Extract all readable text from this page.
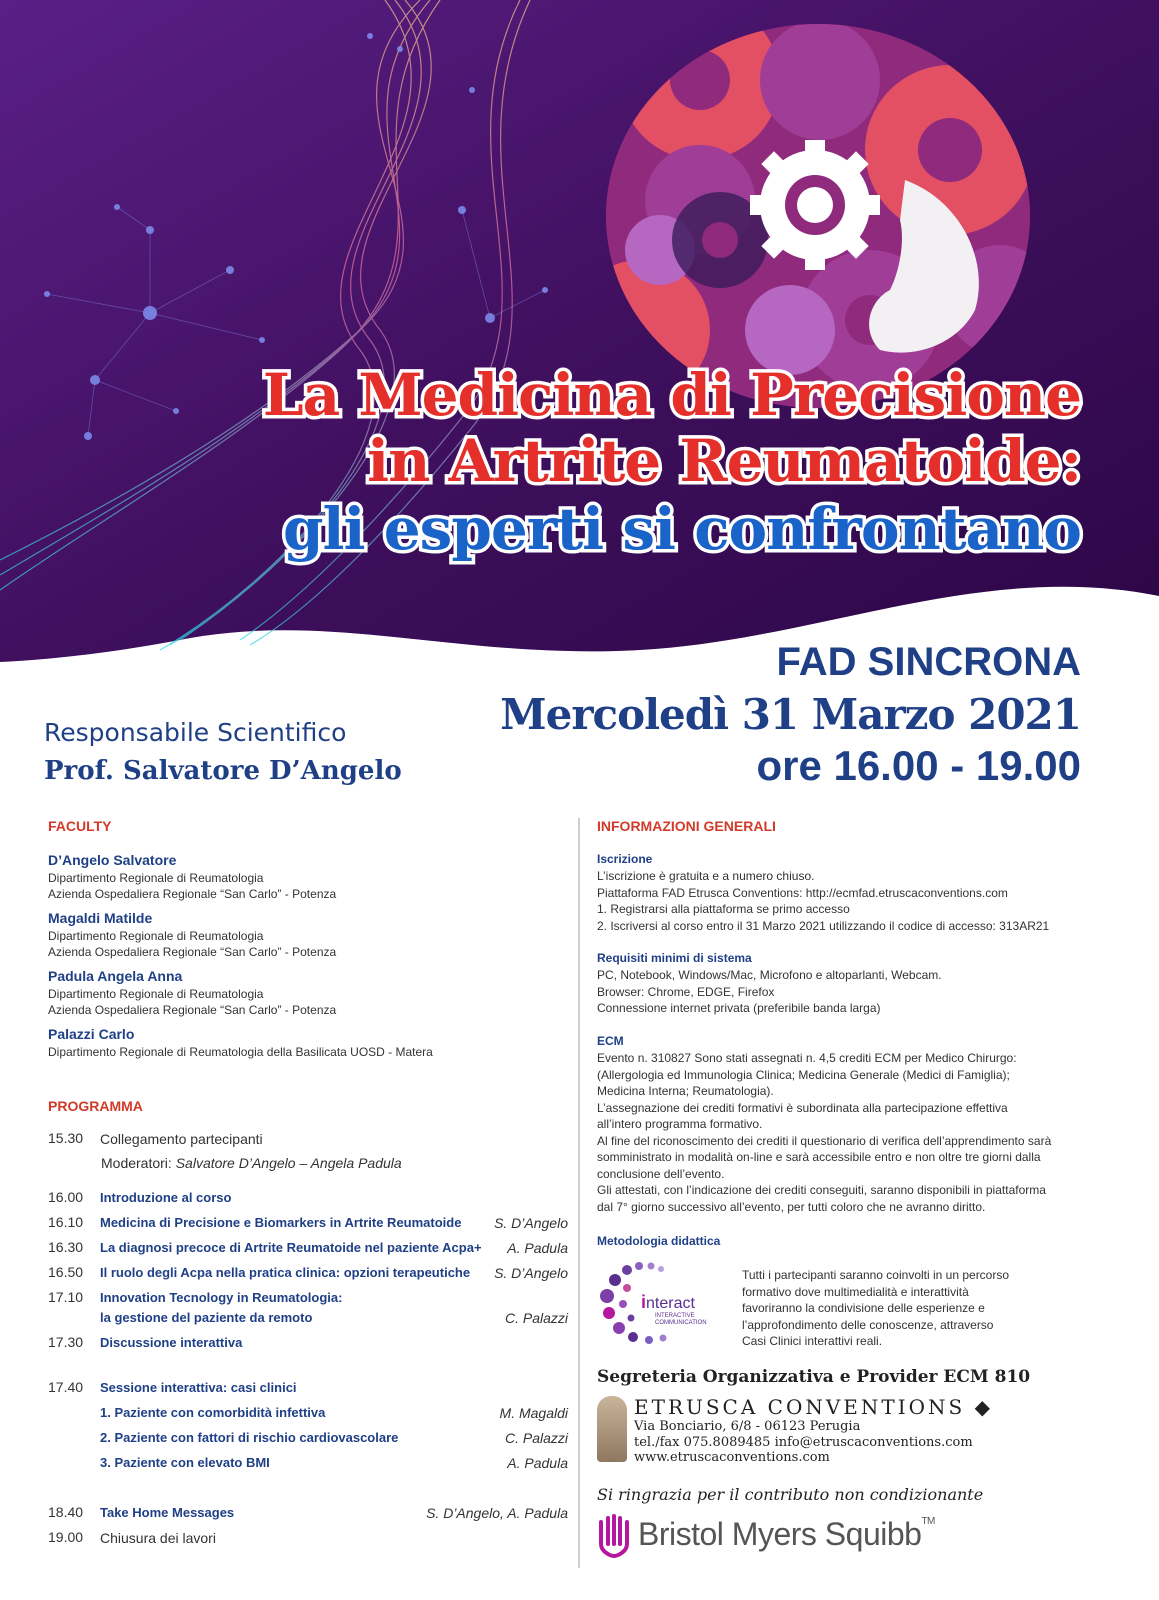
La Medicina di Precisione
in Artrite Reumatoide:
gli esperti si confrontano
FAD SINCRONA
Mercoledì 31 Marzo 2021
ore 16.00 - 19.00
Responsabile Scientifico
Prof. Salvatore D’Angelo
FACULTY
D’Angelo Salvatore
Dipartimento Regionale di Reumatologia
Azienda Ospedaliera Regionale “San Carlo” - Potenza
Magaldi Matilde
Dipartimento Regionale di Reumatologia
Azienda Ospedaliera Regionale “San Carlo” - Potenza
Padula Angela Anna
Dipartimento Regionale di Reumatologia
Azienda Ospedaliera Regionale “San Carlo” - Potenza
Palazzi Carlo
Dipartimento Regionale di Reumatologia della Basilicata UOSD - Matera
PROGRAMMA
15.30 Collegamento partecipanti
Moderatori: Salvatore D’Angelo – Angela Padula
16.00 Introduzione al corso
16.10 Medicina di Precisione e Biomarkers in Artrite Reumatoide S. D’Angelo
16.30 La diagnosi precoce di Artrite Reumatoide nel paziente Acpa+ A. Padula
16.50 Il ruolo degli Acpa nella pratica clinica: opzioni terapeutiche S. D’Angelo
17.10 Innovation Tecnology in Reumatologia:
la gestione del paziente da remoto	C. Palazzi
17.30 Discussione interattiva
17.40 Sessione interattiva: casi clinici
1. Paziente con comorbidità infettiva	M. Magaldi
2. Paziente con fattori di rischio cardiovascolare	C. Palazzi
3. Paziente con elevato BMI	A. Padula
18.40 Take Home Messages	S. D’Angelo, A. Padula
19.00 Chiusura dei lavori
INFORMAZIONI GENERALI
Iscrizione
L’iscrizione è gratuita e a numero chiuso.
Piattaforma FAD Etrusca Conventions: http://ecmfad.etruscaconventions.com
1. Registrarsi alla piattaforma se primo accesso
2. Iscriversi al corso entro il 31 Marzo 2021 utilizzando il codice di accesso: 313AR21
Requisiti minimi di sistema
PC, Notebook, Windows/Mac, Microfono e altoparlanti, Webcam.
Browser: Chrome, EDGE, Firefox
Connessione internet privata (preferibile banda larga)
ECM
Evento n. 310827 Sono stati assegnati n. 4,5 crediti ECM per Medico Chirurgo:
(Allergologia ed Immunologia Clinica; Medicina Generale (Medici di Famiglia);
Medicina Interna; Reumatologia).
L’assegnazione dei crediti formativi è subordinata alla partecipazione effettiva
all’intero programma formativo.
Al fine del riconoscimento dei crediti il questionario di verifica dell’apprendimento sarà
somministrato in modalità on-line e sarà accessibile entro e non oltre tre giorni dalla
conclusione dell’evento.
Gli attestati, con l’indicazione dei crediti conseguiti, saranno disponibili in piattaforma
dal 7° giorno successivo all’evento, per tutti coloro che ne avranno diritto.
Metodologia didattica
interact
INTERACTIVE COMMUNICATION
Tutti i partecipanti saranno coinvolti in un percorso
formativo dove multimedialità e interattività
favoriranno la condivisione delle esperienze e
l’approfondimento delle conoscenze, attraverso
Casi Clinici interattivi reali.
Segreteria Organizzativa e Provider ECM 810
ETRUSCA CONVENTIONS ◆
Via Bonciario, 6/8 - 06123 Perugia
tel./fax 075.8089485 info@etruscaconventions.com
www.etruscaconventions.com
Si ringrazia per il contributo non condizionante
Bristol Myers Squibb™
